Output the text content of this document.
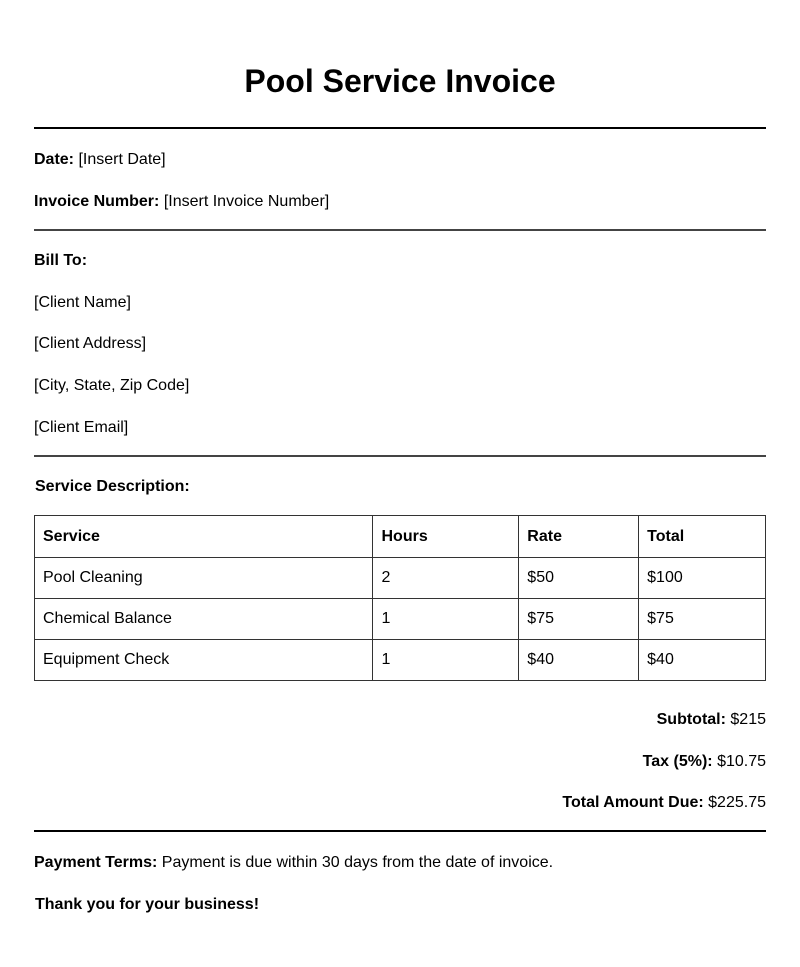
Pool Service Invoice
Date: [Insert Date]
Invoice Number: [Insert Invoice Number]
Bill To:
[Client Name]
[Client Address]
[City, State, Zip Code]
[Client Email]
Service Description:
Service	Hours	Rate	Total
Pool Cleaning	2	$50	$100
Chemical Balance	1	$75	$75
Equipment Check	1	$40	$40
Subtotal: $215
Tax (5%): $10.75
Total Amount Due: $225.75
Payment Terms: Payment is due within 30 days from the date of invoice.
Thank you for your business!
